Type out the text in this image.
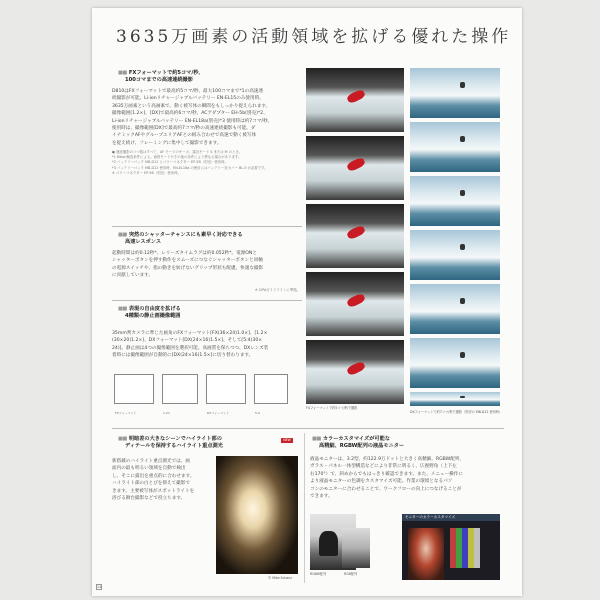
3635万画素の活動領域を拡げる優れた操作
■■ FXフォーマットで約5コマ/秒、
100コマまでの高速連続撮影
D810はFXフォーマットで最高約5コマ/秒、最大100コマまで*1の高速連
続撮影が可能。Li-ionリチャージャブルバッテリー EN-EL15のみ使用時。
3635万画素という高画素で、動く被写体の瞬間をもしっかり捉えられます。
撮像範囲[1.2×]、[DX]で最高約6コマ/秒。ACアダプター EH-5b(別売)*2、
Li-ionリチャージャブルバッテリー EN-EL18a(別売)*3 使用時は約7コマ/秒。
使用時は、撮像範囲[DX]で最高約7コマ/秒の高速連続撮影も可能。ダ
イナミックAFやグループエリアAFとの組み合わせで高速で動く被写体
を捉え続け、フレーミングに集中して撮影できます。
● 連続撮影のコマ数はすべて、AF モードのサーボ、露出モード S または M のとき。
*1 Nikon検査条件による。画質モードやその他の条件により異なる場合があります。
*2 バッテリーパック MB-D12 とパワーコネクター EP-5B（別売）使用時。
*3 バッテリーパック MB-D12 使用時、EN-EL18a の使用にはバッテリー室カバー BL-5 が必要です。
※ パワーコネクター EP-5B（別売）使用時。
■■ 突然のシャッターチャンスにも素早く対応できる
高速レスポンス
起動時間は約0.12秒*、レリーズタイムラグは約0.052秒*。電源ONと
シャッターボタンを押す動作をスムーズにつなぐシャッターボタンと同軸
の電源スイッチや、指の動きを妨げないグリップ形状も配慮。快適な撮影
に貢献しています。
※ CIPAガイドラインに準拠。
■■ 表現の自由度を拡げる
4種類の静止画撮像範囲
35mm判カメラに準じた画角のFXフォーマット[FX(36×24)1.0×]、[1.2×
(30×20)1.2×]、DXフォーマット[DX(24×16)1.5×]、そして[5:4(30×
24)]。静止画は4つの撮像範囲を選択可能。高画質を保ちつつ、DXレンズ装
着時には撮像範囲が自動的に[DX(24×16)1.5×]に切り替わります。
FXフォーマット	1.2×	DXフォーマット	5:4
FXフォーマットで約5コマ/秒で撮影
DXフォーマットで約7コマ/秒で撮影（別売の MB-D12 使用時）
■■ 明暗差の大きなシーンでハイライト部の
ディテールを保持するハイライト重点測光
NEW
新搭載のハイライト重点測光では、画
面内の最も明るい領域を自動で検出
し、そこに露出を重点的に合わせます。
ハイライト部の白とびを抑えて撮影で
きます。主要被写体がスポットライトを
浴びる舞台撮影などで役立ちます。
© Mike Schanz
■■ カラーカスタマイズが可能な
高精細、RGBW配列の液晶モニター
液晶モニターは、3.2型、約122.9万ドットと大きく高精細。RGBW配列、
ガラス・パネル一体型構造などにより非常に明るく、広視野角（上下左
右170°）で、斜めからでもはっきり確認できます。また、メニュー操作に
より液晶モニターの色調をカスタマイズ可能。作業の環境となるパソ
コンのモニターに合わせることで、ワークフローの向上につなげることが
できます。
RGBW配列	RGB配列
モニターのカラーカスタマイズ
14
